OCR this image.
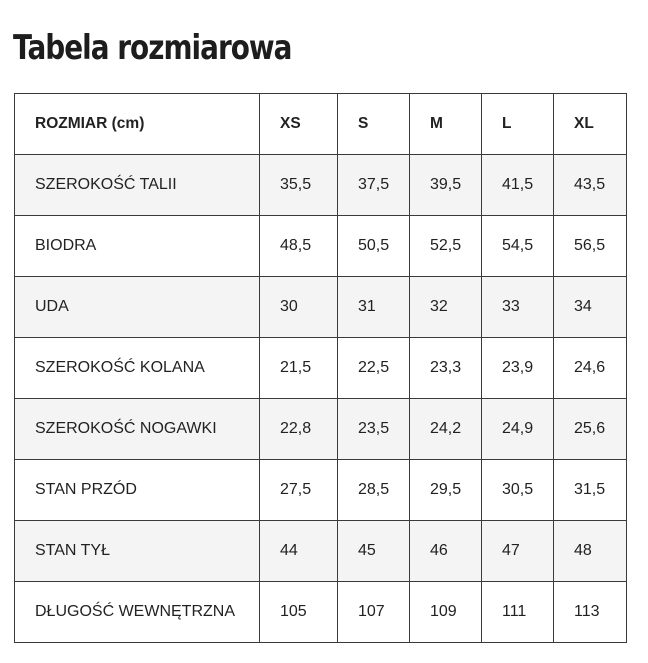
Tabela rozmiarowa
ROZMIAR (cm)	XS	S	M	L	XL
SZEROKOŚĆ TALII	35,5	37,5	39,5	41,5	43,5
BIODRA	48,5	50,5	52,5	54,5	56,5
UDA	30	31	32	33	34
SZEROKOŚĆ KOLANA	21,5	22,5	23,3	23,9	24,6
SZEROKOŚĆ NOGAWKI	22,8	23,5	24,2	24,9	25,6
STAN PRZÓD	27,5	28,5	29,5	30,5	31,5
STAN TYŁ	44	45	46	47	48
DŁUGOŚĆ WEWNĘTRZNA	105	107	109	111	113
